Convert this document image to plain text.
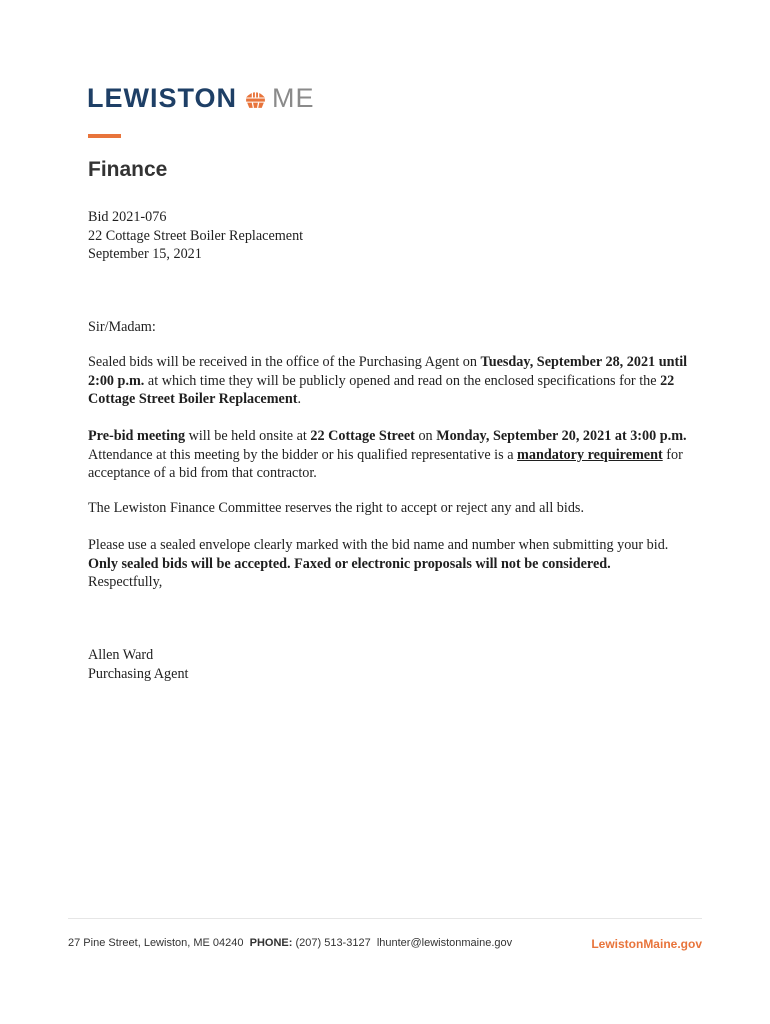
LEWISTON ME
Finance

Bid 2021-076

22 Cottage Street Boiler Replacement

September 15, 2021

Sir/Madam:

Sealed bids will be received in the office of the Purchasing Agent on Tuesday, September 28, 2021 until 2:00 p.m. at which time they will be publicly opened and read on the enclosed specifications for the 22 Cottage Street Boiler Replacement.

Pre-bid meeting will be held onsite at 22 Cottage Street on Monday, September 20, 2021 at 3:00 p.m. Attendance at this meeting by the bidder or his qualified representative is a mandatory requirement for acceptance of a bid from that contractor.

The Lewiston Finance Committee reserves the right to accept or reject any and all bids.

Please use a sealed envelope clearly marked with the bid name and number when submitting your bid.

Only sealed bids will be accepted. Faxed or electronic proposals will not be considered.

Respectfully,

Allen Ward

Purchasing Agent

27 Pine Street, Lewiston, ME 04240 PHONE: (207) 513-3127 lhunter@lewistonmaine.gov	LewistonMaine.gov
